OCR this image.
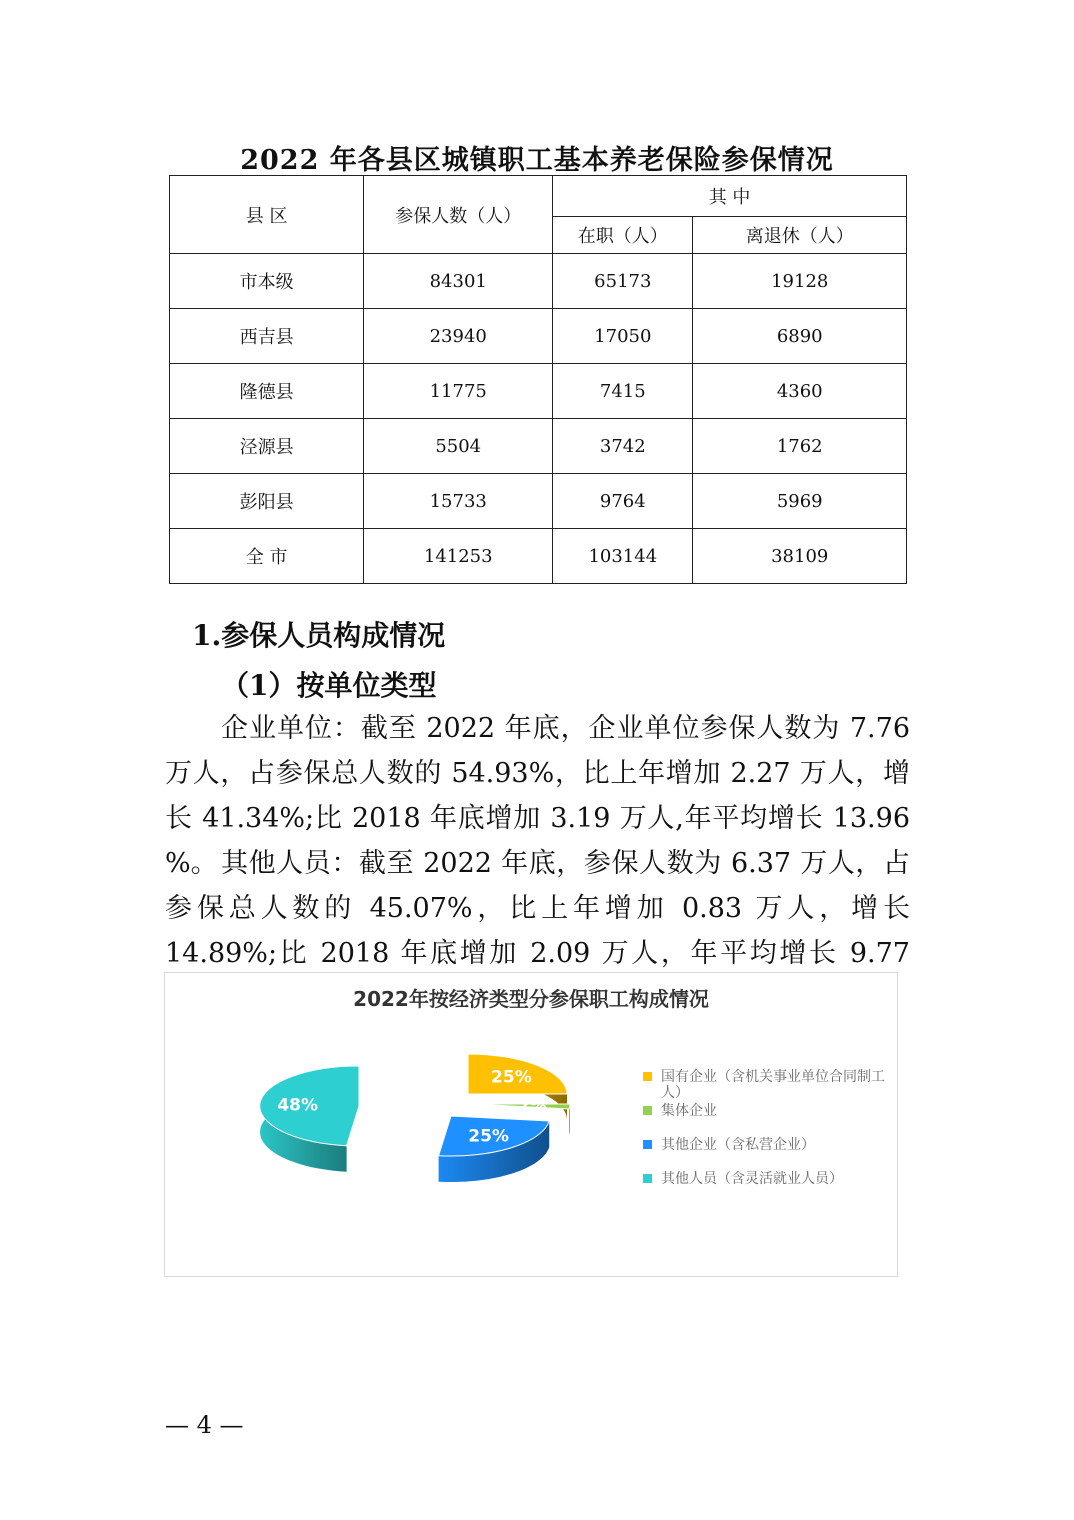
2022 年各县区城镇职工基本养老保险参保情况
县 区	参保人数（人）	其 中	
		在职（人）	离退休（人）
市本级	84301	65173	19128
西吉县	23940	17050	6890
隆德县	11775	7415	4360
泾源县	5504	3742	1762
彭阳县	15733	9764	5969
全 市	141253	103144	38109
1.参保人员构成情况
（1）按单位类型
企业单位：截至 2022 年底，企业单位参保人数为 7.76 万人，占参保总人数的 54.93%，比上年增加 2.27 万人，增长 41.34%;比 2018 年底增加 3.19 万人,年平均增长 13.96 %。 其他人员：截至 2022 年底，参保人数为 6.37 万人，占参保总人数的 45.07%，比上年增加 0.83 万人，增长 14.89%;比 2018 年底增加 2.09 万人，年平均增长 9.77
2022年按经济类型分参保职工构成情况
25%
2%
25%
48%
国有企业（含机关事业单位合同制工人）
集体企业
其他企业（含私营企业）
其他人员（含灵活就业人员）
— 4 —
